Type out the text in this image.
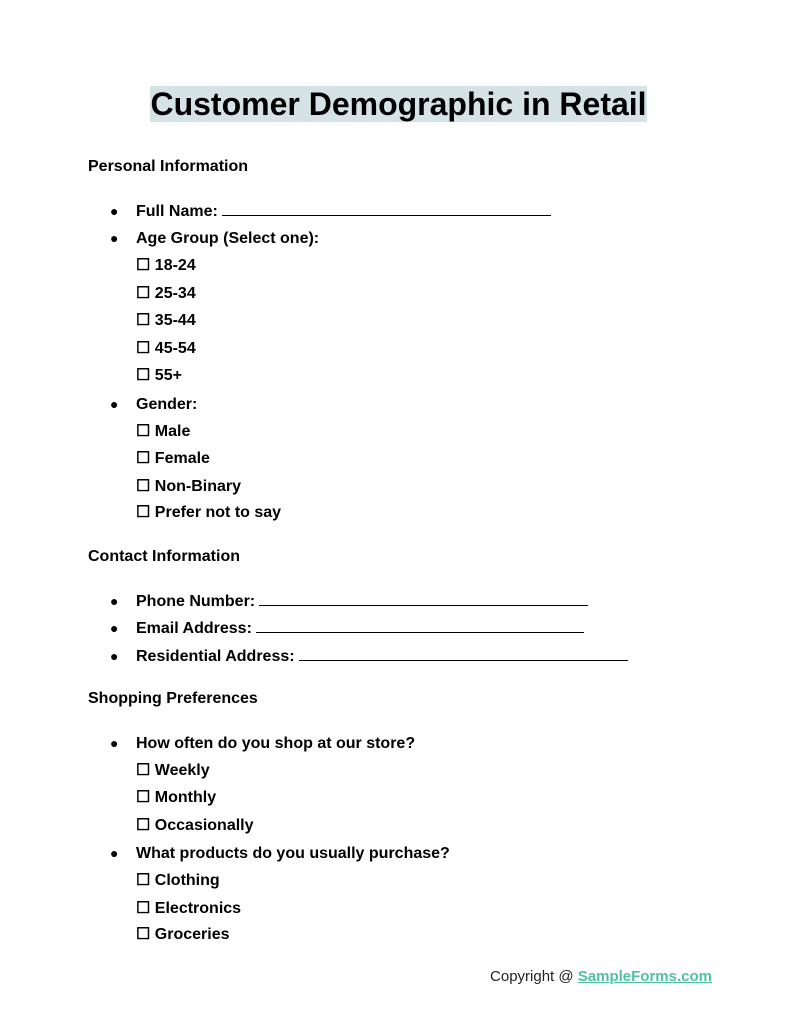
Customer Demographic in Retail
Personal Information
● Full Name:
● Age Group (Select one):
☐ 18-24
☐ 25-34
☐ 35-44
☐ 45-54
☐ 55+
● Gender:
☐ Male
☐ Female
☐ Non-Binary
☐ Prefer not to say
Contact Information
● Phone Number:
● Email Address:
● Residential Address:
Shopping Preferences
● How often do you shop at our store?
☐ Weekly
☐ Monthly
☐ Occasionally
● What products do you usually purchase?
☐ Clothing
☐ Electronics
☐ Groceries
Copyright @ SampleForms.com
